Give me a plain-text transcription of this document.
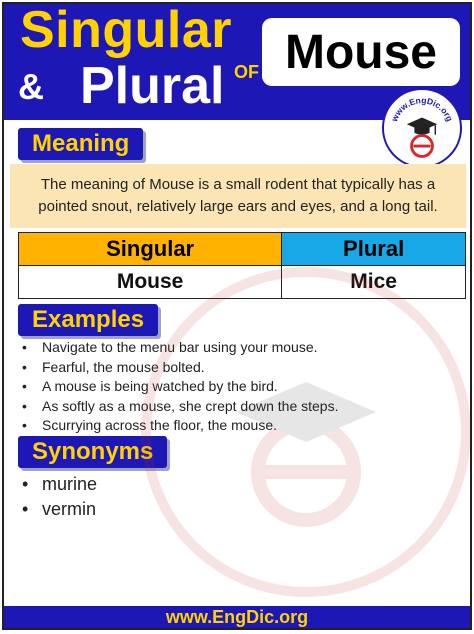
Singular
& Plural OF Mouse
www.EngDic.org
Meaning
The meaning of Mouse is a small rodent that typically has a pointed snout, relatively large ears and eyes, and a long tail.
Singular	Plural
Mouse	Mice
Examples
• Navigate to the menu bar using your mouse.
• Fearful, the mouse bolted.
• A mouse is being watched by the bird.
• As softly as a mouse, she crept down the steps.
• Scurrying across the floor, the mouse.
Synonyms
• murine
• vermin
www.EngDic.org
